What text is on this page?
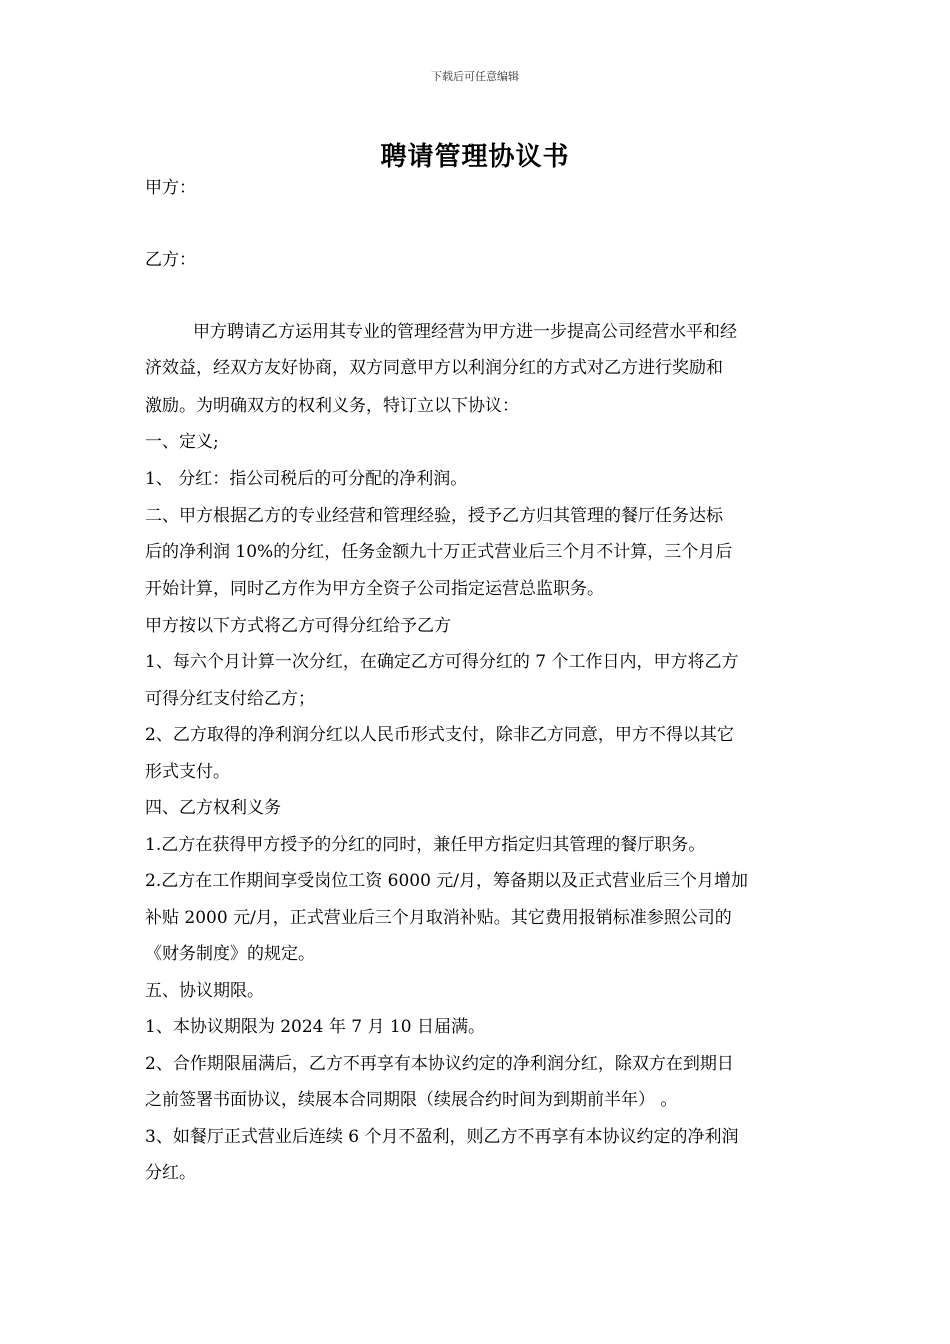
下载后可任意编辑
聘请管理协议书
甲方：
乙方：
甲方聘请乙方运用其专业的管理经营为甲方进一步提高公司经营水平和经
济效益，经双方友好协商，双方同意甲方以利润分红的方式对乙方进行奖励和
激励。为明确双方的权利义务，特订立以下协议：
一、定义;
1、 分红：指公司税后的可分配的净利润。
二、甲方根据乙方的专业经营和管理经验，授予乙方归其管理的餐厅任务达标
后的净利润 10%的分红，任务金额九十万正式营业后三个月不计算，三个月后
开始计算，同时乙方作为甲方全资子公司指定运营总监职务。
甲方按以下方式将乙方可得分红给予乙方
1、每六个月计算一次分红，在确定乙方可得分红的 7 个工作日内，甲方将乙方
可得分红支付给乙方；
2、乙方取得的净利润分红以人民币形式支付，除非乙方同意，甲方不得以其它
形式支付。
四、乙方权利义务
1.乙方在获得甲方授予的分红的同时，兼任甲方指定归其管理的餐厅职务。
2.乙方在工作期间享受岗位工资 6000 元/月，筹备期以及正式营业后三个月增加
补贴 2000 元/月，正式营业后三个月取消补贴。其它费用报销标准参照公司的
《财务制度》的规定。
五、协议期限。
1、本协议期限为 2024 年 7 月 10 日届满。
2、合作期限届满后，乙方不再享有本协议约定的净利润分红，除双方在到期日
之前签署书面协议，续展本合同期限（续展合约时间为到期前半年） 。
3、如餐厅正式营业后连续 6 个月不盈利，则乙方不再享有本协议约定的净利润
分红。
